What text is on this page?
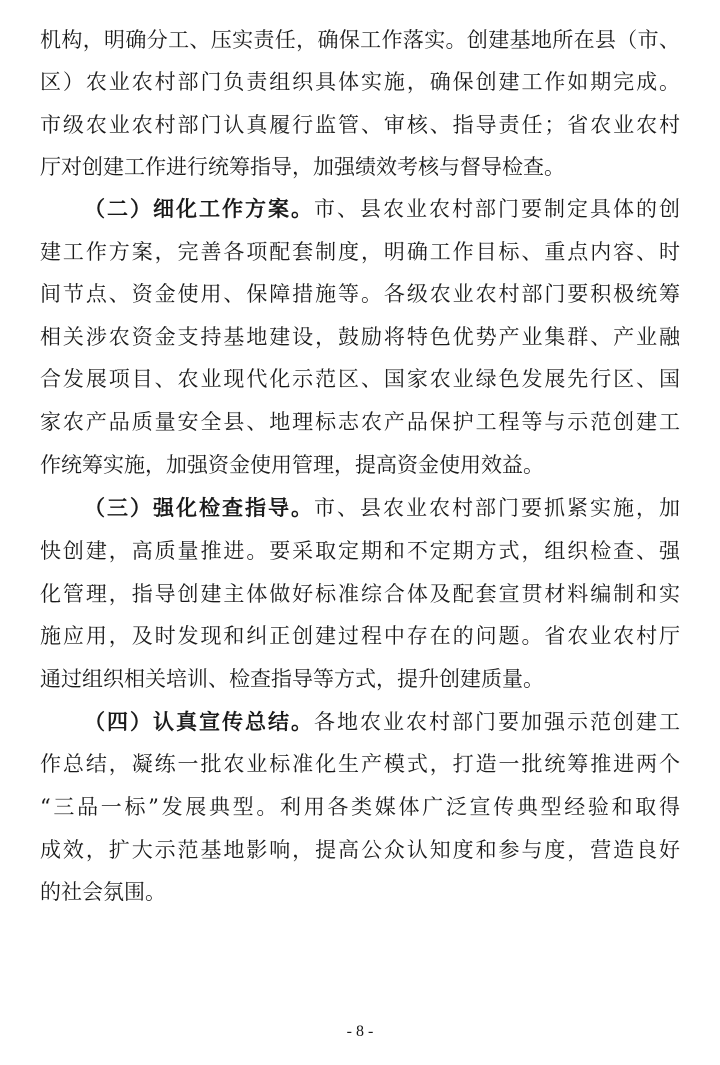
机构，明确分工、压实责任，确保工作落实。创建基地所在县（市、
区）农业农村部门负责组织具体实施，确保创建工作如期完成。
市级农业农村部门认真履行监管、审核、指导责任；省农业农村
厅对创建工作进行统筹指导，加强绩效考核与督导检查。
（二）细化工作方案。市、县农业农村部门要制定具体的创
建工作方案，完善各项配套制度，明确工作目标、重点内容、时
间节点、资金使用、保障措施等。各级农业农村部门要积极统筹
相关涉农资金支持基地建设，鼓励将特色优势产业集群、产业融
合发展项目、农业现代化示范区、国家农业绿色发展先行区、国
家农产品质量安全县、地理标志农产品保护工程等与示范创建工
作统筹实施，加强资金使用管理，提高资金使用效益。
（三）强化检查指导。市、县农业农村部门要抓紧实施，加
快创建，高质量推进。要采取定期和不定期方式，组织检查、强
化管理，指导创建主体做好标准综合体及配套宣贯材料编制和实
施应用，及时发现和纠正创建过程中存在的问题。省农业农村厅
通过组织相关培训、检查指导等方式，提升创建质量。
（四）认真宣传总结。各地农业农村部门要加强示范创建工
作总结，凝练一批农业标准化生产模式，打造一批统筹推进两个
“三品一标”发展典型。利用各类媒体广泛宣传典型经验和取得
成效，扩大示范基地影响，提高公众认知度和参与度，营造良好
的社会氛围。
- 8 -
